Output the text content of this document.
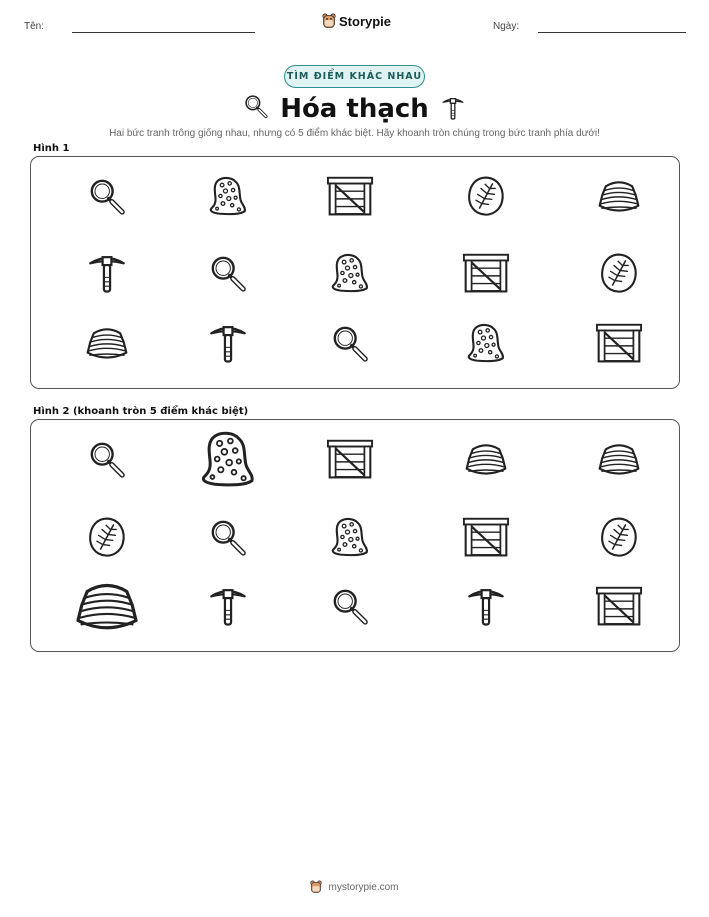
Tên:	Storypie	Ngày:
TÌM ĐIỂM KHÁC NHAU
Hóa thạch
Hai bức tranh trông giống nhau, nhưng có 5 điểm khác biệt. Hãy khoanh tròn chúng trong bức tranh phía dưới!
Hình 1
Hình 2 (khoanh tròn 5 điểm khác biệt)
mystorypie.com
